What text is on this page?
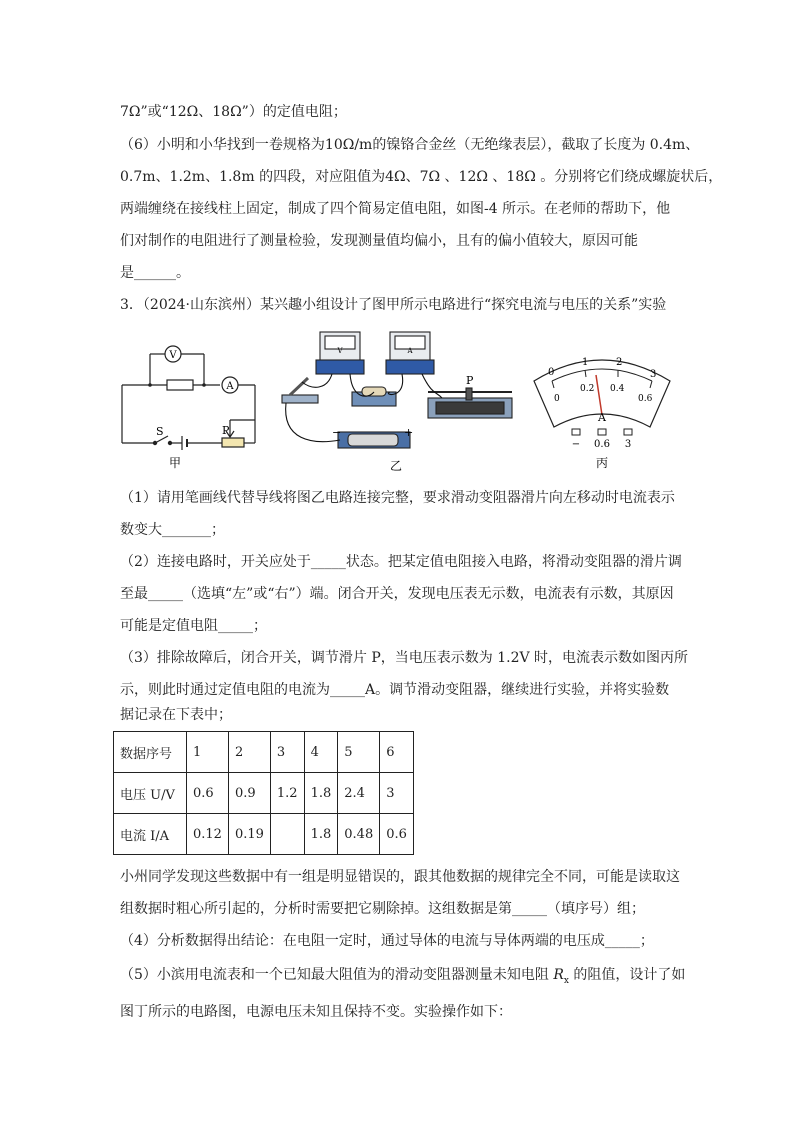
7Ω”或“12Ω、18Ω”）的定值电阻；
（6）小明和小华找到一卷规格为10Ω/m的镍铬合金丝（无绝缘表层），截取了长度为 0.4m、
0.7m、1.2m、1.8m 的四段，对应阻值为4Ω、7Ω 、12Ω 、18Ω 。分别将它们绕成螺旋状后，
两端缠绕在接线柱上固定，制成了四个简易定值电阻，如图-4 所示。在老师的帮助下，他
们对制作的电阻进行了测量检验，发现测量值均偏小，且有的偏小值较大，原因可能
是______。
3．（2024·山东滨州）某兴趣小组设计了图甲所示电路进行“探究电流与电压的关系”实验
V
A
S	P
甲
V	A
−	+
P
乙
0
1	2
3
0
0.2 0.4
0.6
A
− 0.6 3
丙
（1）请用笔画线代替导线将图乙电路连接完整，要求滑动变阻器滑片向左移动时电流表示
数变大_______；
（2）连接电路时，开关应处于_____状态。把某定值电阻接入电路，将滑动变阻器的滑片调
至最_____（选填“左”或“右”）端。闭合开关，发现电压表无示数，电流表有示数，其原因
可能是定值电阻_____；
（3）排除故障后，闭合开关，调节滑片 P，当电压表示数为 1.2V 时，电流表示数如图丙所
示，则此时通过定值电阻的电流为_____A。调节滑动变阻器，继续进行实验，并将实验数
据记录在下表中；
数据序号	1	2	3	4	5	6
电压 U/V	0.6	0.9	1.2	1.8	2.4	3
电流 I/A	0.12	0.19		1.8	0.48	0.6
小州同学发现这些数据中有一组是明显错误的，跟其他数据的规律完全不同，可能是读取这
组数据时粗心所引起的，分析时需要把它剔除掉。这组数据是第_____（填序号）组；
（4）分析数据得出结论：在电阻一定时，通过导体的电流与导体两端的电压成_____；
（5）小滨用电流表和一个已知最大阻值为的滑动变阻器测量未知电阻 $R_x$ 的阻值，设计了如
图丁所示的电路图，电源电压未知且保持不变。实验操作如下：
